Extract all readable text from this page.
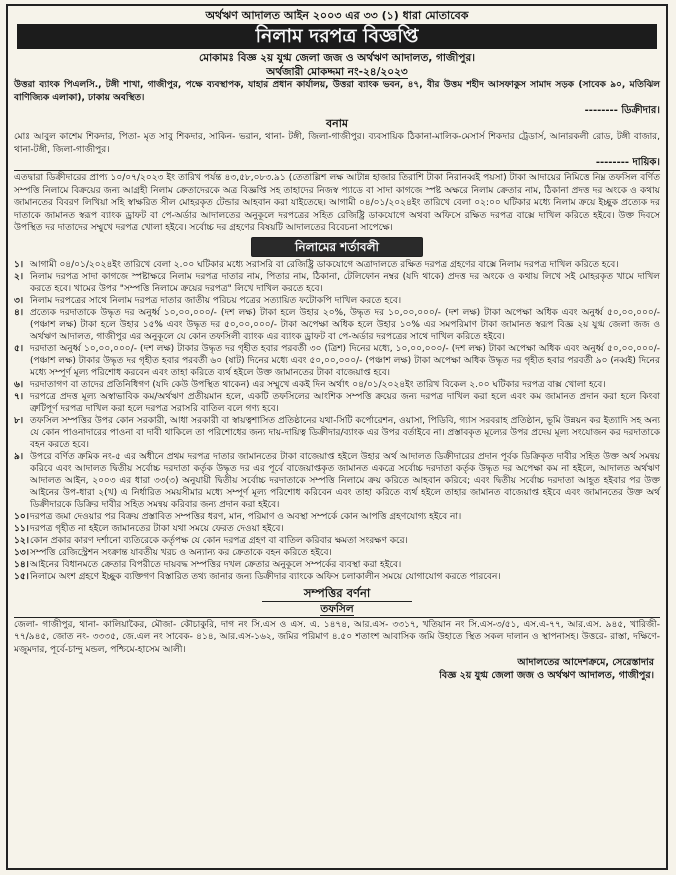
অর্থঋণ আদালত আইন ২০০৩ এর ৩৩ (১) ধারা মোতাবেক
নিলাম দরপত্র বিজ্ঞপ্তি
মোকামঃ বিজ্ঞ ২য় যুগ্ম জেলা জজ ও অর্থঋণ আদালত, গাজীপুর।
অর্থজারী মোকদ্দমা নং-২৪/২০২৩

উত্তরা ব্যাংক পিএলসি., টঙ্গী শাখা, গাজীপুর, পক্ষে ব্যবস্থাপক, যাহার প্রধান কার্যালয়, উত্তরা ব্যাংক ভবন, ৪৭, বীর উত্তম শহীদ আসফাকুস সামাদ সড়ক (সাবেক ৯০, মতিঝিল বাণিজ্যিক এলাকা), ঢাকায় অবস্থিত।

-------- ডিক্রীদার।
বনাম

মোঃ আবুল কাশেম শিকদার, পিতা- মৃত সাবু শিকদার, সাকিন- ভরান, থানা- টঙ্গী, জিলা-গাজীপুর। ব্যবসায়িক ঠিকানা-মালিক-মেসার্স শিকদার ট্রেডার্স, আনারকলী রোড, টঙ্গী বাজার, থানা-টঙ্গী, জিলা-গাজীপুর।

-------- দায়িক।

এতদ্বারা ডিক্রীদারের প্রাপ্য ১০/০৭/২০২৩ ইং তারিখ পর্যন্ত ৪৩,৫৮,০৮৩.৯১ (তেতাল্লিশ লক্ষ আটান্ন হাজার তিরাশি টাকা নিরানব্বই পয়সা) টাকা আদায়ের নিমিত্তে নিম্ন তফসিল বর্ণিত সম্পত্তি নিলামে বিক্রয়ের জন্য আগ্রহী নিলাম ক্রেতাদেরকে অত্র বিজ্ঞপ্তি সহ তাহাদের নিজস্ব প্যাডে বা সাদা কাগজে স্পষ্ট অক্ষরে নিলাম ক্রেতার নাম, ঠিকানা প্রদত্ত দর অংকে ও কথায় জামানতের বিবরণ লিখিয়া সহি স্বাক্ষরিত সীল মোহরকৃত টেন্ডার আহবান করা যাইতেছে। আগামী ০৪/০১/২০২৪ইং তারিখে বেলা ০২:০০ ঘটিকার মধ্যে নিলাম ক্রয়ে ইচ্ছুক প্রত্যেক দর দাতাকে জামানত স্বরূপ ব্যাংক ড্রাফট বা পে-অর্ডার আদালতের অনুকূলে দরপত্রের সহিত রেজিষ্ট্রি ডাকযোগে অথবা অফিসে রক্ষিত দরপত্র বাক্সে দাখিল করিতে হইবে। উক্ত দিবসে উপস্থিত দর দাতাদের সম্মুখে দরপত্র খোলা হইবে। সর্বোচ্চ দর গ্রহণের বিষয়টি আদালতের বিবেচনা সাপেক্ষে।

নিলামের শর্তাবলী
১। আগামী ০৪/০১/২০২৪ইং তারিখে বেলা ২.০০ ঘটিকার মধ্যে সরাসরি বা রেজিষ্ট্রি ডাকযোগে অত্রাদালতে রক্ষিত দরপত্র গ্রহণের বাক্সে নিলাম দরপত্র দাখিল করিতে হবে।
২। নিলাম দরপত্র সাদা কাগজে স্পষ্টাক্ষরে নিলাম দরপত্র দাতার নাম, পিতার নাম, ঠিকানা, টেলিফোন নম্বর (যদি থাকে) প্রদত্ত দর অংকে ও কথায় লিখে সই মোহরকৃত খামে দাখিল করতে হবে। খামের উপর "সম্পত্তি নিলামে ক্রয়ের দরপত্র" লিখে দাখিল করতে হবে।
৩। নিলাম দরপত্রের সাথে নিলাম দরপত্র দাতার জাতীয় পরিচয় পত্রের সত্যায়িত ফটোকপি দাখিল করতে হবে।
৪। প্রত্যেক দরদাতাকে উদ্ধৃত দর অনুর্ধ্ব ১০,০০,০০০/- (দশ লক্ষ) টাকা হলে উহার ২০%, উদ্ধৃত দর ১০,০০,০০০/- (দশ লক্ষ) টাকা অপেক্ষা অধিক এবং অনুর্ধ্ব ৫০,০০,০০০/- (পঞ্চাশ লক্ষ) টাকা হলে উহার ১৫% এবং উদ্ধৃত দর ৫০,০০,০০০/- টাকা অপেক্ষা অধিক হলে উহার ১০% এর সমপরিমাণ টাকা জামানত স্বরূপ বিজ্ঞ ২য় যুগ্ম জেলা জজ ও অর্থঋণ আদালত, গাজীপুর এর অনুকূলে যে কোন তফসিলী ব্যাংক এর ব্যাংক ড্রাফট বা পে-অর্ডার দরপত্রের সাথে দাখিল করিতে হইবে।
৫। দরদাতা অনুর্ধ্ব ১০,০০,০০০/- (দশ লক্ষ) টাকার উদ্ধৃত দর গৃহীত হবার পরবর্তী ৩০ (ত্রিশ) দিনের মধ্যে, ১০,০০,০০০/- (দশ লক্ষ) টাকা অপেক্ষা অধিক এবং অনুর্ধ্ব ৫০,০০,০০০/- (পঞ্চাশ লক্ষ) টাকার উদ্ধৃত দর গৃহীত হবার পরবর্তী ৬০ (ষাট) দিনের মধ্যে এবং ৫০,০০,০০০/- (পঞ্চাশ লক্ষ) টাকা অপেক্ষা অধিক উদ্ধৃত দর গৃহীত হবার পরবর্তী ৯০ (নব্বই) দিনের মধ্যে সম্পূর্ণ মূল্য পরিশোধ করবেন এবং তাহা করিতে ব্যর্থ হইলে উক্ত জামানতের টাকা বাজেয়াপ্ত হবে।
৬। দরদাতাগণ বা তাদের প্রতিনিধিগণ (যদি কেউ উপস্থিত থাকেন) এর সম্মুখে একই দিন অর্থাৎ ০৪/০১/২০২৪ইং তারিখ বিকেল ২.০০ ঘটিকার দরপত্র বাক্স খোলা হবে।
৭। দরপত্রে প্রদত্ত মূল্য অস্বাভাবিক কম/অর্থঋণ প্রতীয়মান হলে, একটি তফসিলের আংশিক সম্পত্তি ক্রয়ের জন্য দরপত্র দাখিল করা হলে এবং কম জামানত প্রদান করা হলে কিংবা ত্রুটিপূর্ণ দরপত্র দাখিল করা হলে দরপত্র সরাসরি বাতিল বলে গণ্য হবে।
৮। তফসিল সম্পত্তির উপর কোন সরকারী, আধা সরকারী বা স্বায়ত্বশাসিত প্রতিষ্ঠানের যথা-সিটি কর্পোরেশন, ওয়াসা, পিডিবি, গ্যাস সরবরাহ প্রতিষ্ঠান, ভূমি উন্নয়ন কর ইত্যাদি সহ অন্য যে কোন পাওনাদারের পাওনা বা দাবী থাকিলে তা পরিশোধের জন্য দায়-দায়িত্ব ডিক্রীদার/ব্যাংক এর উপর বর্তাইবে না। প্রস্তাবকৃত মূল্যের উপর প্রদেয় মূল্য সংযোজন কর দরদাতাকে বহন করতে হবে।
৯। উপরে বর্ণিত ক্রমিক নং-৫ এর অধীনে প্রথম দরপত্র দাতার জামানতের টাকা বাজেয়াপ্ত হইলে উহার অর্থ আদালত ডিক্রীদারের প্রদান পূর্বক ডিক্রিকৃত দাবীর সহিত উক্ত অর্থ সমন্বয় করিবে এবং আদালত দ্বিতীয় সর্বোচ্চ দরদাতা কর্তৃক উদ্ধৃত দর এর পূর্বে বাজেয়াপ্তকৃত জামানত একত্রে সর্বোচ্চ দরদাতা কর্তৃক উদ্ধৃত দর অপেক্ষা কম না হইলে, আদালত অর্থঋণ আদালত আইন, ২০০৩ এর ধারা ৩৩(৩) অনুযায়ী দ্বিতীয় সর্বোচ্চ দরদাতাকে সম্পত্তি নিলামে ক্রয় করিতে আহবান করিবে; এবং দ্বিতীয় সর্বোচ্চ দরদাতা আহূত হইবার পর উক্ত আইনের উপ-ধারা ২(খ) এ নির্ধারিত সময়সীমার মধ্যে সম্পূর্ণ মূল্য পরিশোধ করিবেন এবং তাহা করিতে ব্যর্থ হইলে তাহার জামানত বাজেয়াপ্ত হইবে এবং জামানতের উক্ত অর্থ ডিক্রীদারকে ডিক্রির দাবীর সহিত সমন্বয় করিবার জন্য প্রদান করা হইবে।
১০। দরপত্র জমা দেওয়ার পর বিক্রয় প্রস্তাবিত সম্পত্তির ধরণ, মান, পরিমাণ ও অবস্থা সম্পর্কে কোন আপত্তি গ্রহণযোগ্য হইবে না।
১১। দরপত্র গৃহীত না হইলে জামানতের টাকা যথা সময়ে ফেরত দেওয়া হইবে।
১২। কোন প্রকার কারণ দর্শানো ব্যতিরেকে কর্তৃপক্ষ যে কোন দরপত্র গ্রহণ বা বাতিল করিবার ক্ষমতা সংরক্ষণ করে।
১৩। সম্পত্তি রেজিস্ট্রেশন সংক্রান্ত যাবতীয় খরচ ও অন্যান্য কর ক্রেতাকে বহন করিতে হইবে।
১৪। আইনের বিধানমতে ক্রেতার বিপরীতে দায়বদ্ধ সম্পত্তির দখল ক্রেতার অনুকূলে সম্পর্কের ব্যবস্থা করা হইবে।
১৫। নিলামে অংশ গ্রহণে ইচ্ছুক ব্যক্তিগণ বিস্তারিত তথ্য জানার জন্য ডিক্রীদার ব্যাংকে অফিস চলাকালীন সময়ে যোগাযোগ করতে পারবেন।
সম্পত্তির বর্ণনা
তফসিল

জেলা- গাজীপুর, থানা- কালিয়াকৈর, মৌজা- কৌচাকুরি, দাগ নং সি.এস ও এস. এ. ১৪৭৪, আর.এস- ৩৩১৭, খতিয়ান নং সি.এস-৩/৫১, এস.এ-৭৭, আর.এস. ৯৪৫, খারিজী- ৭৭/৯৪৫, জোত নং- ৩৩৩৫, জে.এল নং সাবেক- ৪১৪, আর.এস-১৬২, জমির পরিমাণ ৪.৫০ শতাংশ আবাসিক জমি উহাতে স্থিত সকল দালান ও স্থাপনাসহ। উত্তরে- রাস্তা, দক্ষিণে- মজুমদার, পূর্বে-চান্দু মন্ডল, পশ্চিমে-হাসেম আলী।

আদালতের আদেশক্রমে, সেরেস্তাদার
বিজ্ঞ ২য় যুগ্ম জেলা জজ ও অর্থঋণ আদালত, গাজীপুর।
